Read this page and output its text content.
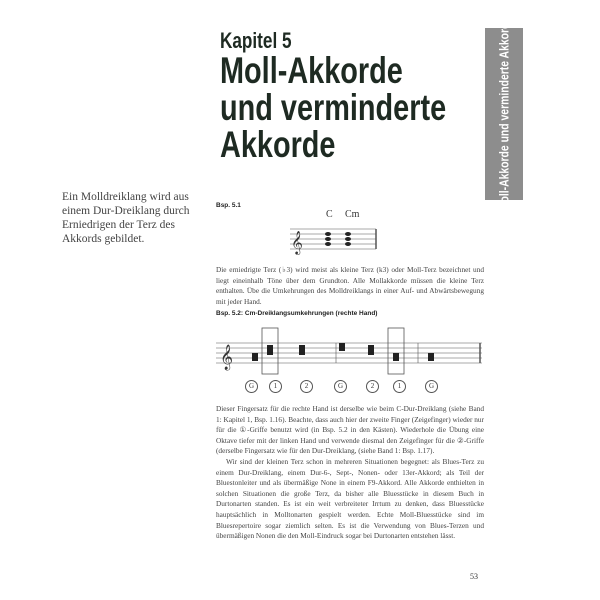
Kapitel 5
Moll-Akkorde
und verminderte
Akkorde	Moll-Akkorde und verminderte Akkorde
Ein Molldreiklang wird aus einem Dur-Dreiklang durch Erniedrigen der Terz des Akkords gebildet.
Bsp. 5.1
C Cm
𝄞

Die erniedrigte Terz (♭3) wird meist als kleine Terz (k3) oder Moll-Terz bezeichnet und liegt eineinhalb Töne über dem Grundton. Alle Mollakkorde müssen die kleine Terz enthalten. Übe die Umkehrungen des Molldreiklangs in einer Auf- und Abwärtsbewegung mit jeder Hand.

Bsp. 5.2: Cm-Dreiklangsumkehrungen (rechte Hand)
𝄞
G	1	2	G	2	1	G

Dieser Fingersatz für die rechte Hand ist derselbe wie beim C-Dur-Dreiklang (siehe Band 1: Kapitel 1, Bsp. 1.16). Beachte, dass auch hier der zweite Finger (Zeigefinger) wieder nur für die ①-Griffe benutzt wird (in Bsp. 5.2 in den Kästen). Wiederhole die Übung eine Oktave tiefer mit der linken Hand und verwende diesmal den Zeigefinger für die ②-Griffe (derselbe Fingersatz wie für den Dur-Dreiklang, (siehe Band 1: Bsp. 1.17).

Wir sind der kleinen Terz schon in mehreren Situationen begegnet: als Blues-Terz zu einem Dur-Dreiklang, einem Dur-6-, Sept-, Nonen- oder 13er-Akkord; als Teil der Bluestonleiter und als übermäßige None in einem F9-Akkord. Alle Akkorde enthielten in solchen Situationen die große Terz, da bisher alle Bluesstücke in diesem Buch in Durtonarten standen. Es ist ein weit verbreiteter Irrtum zu denken, dass Bluesstücke hauptsächlich in Molltonarten gespielt werden. Echte Moll-Bluesstücke sind im Bluesrepertoire sogar ziemlich selten. Es ist die Verwendung von Blues-Terzen und übermäßigen Nonen die den Moll-Eindruck sogar bei Durtonarten entstehen lässt.

53
